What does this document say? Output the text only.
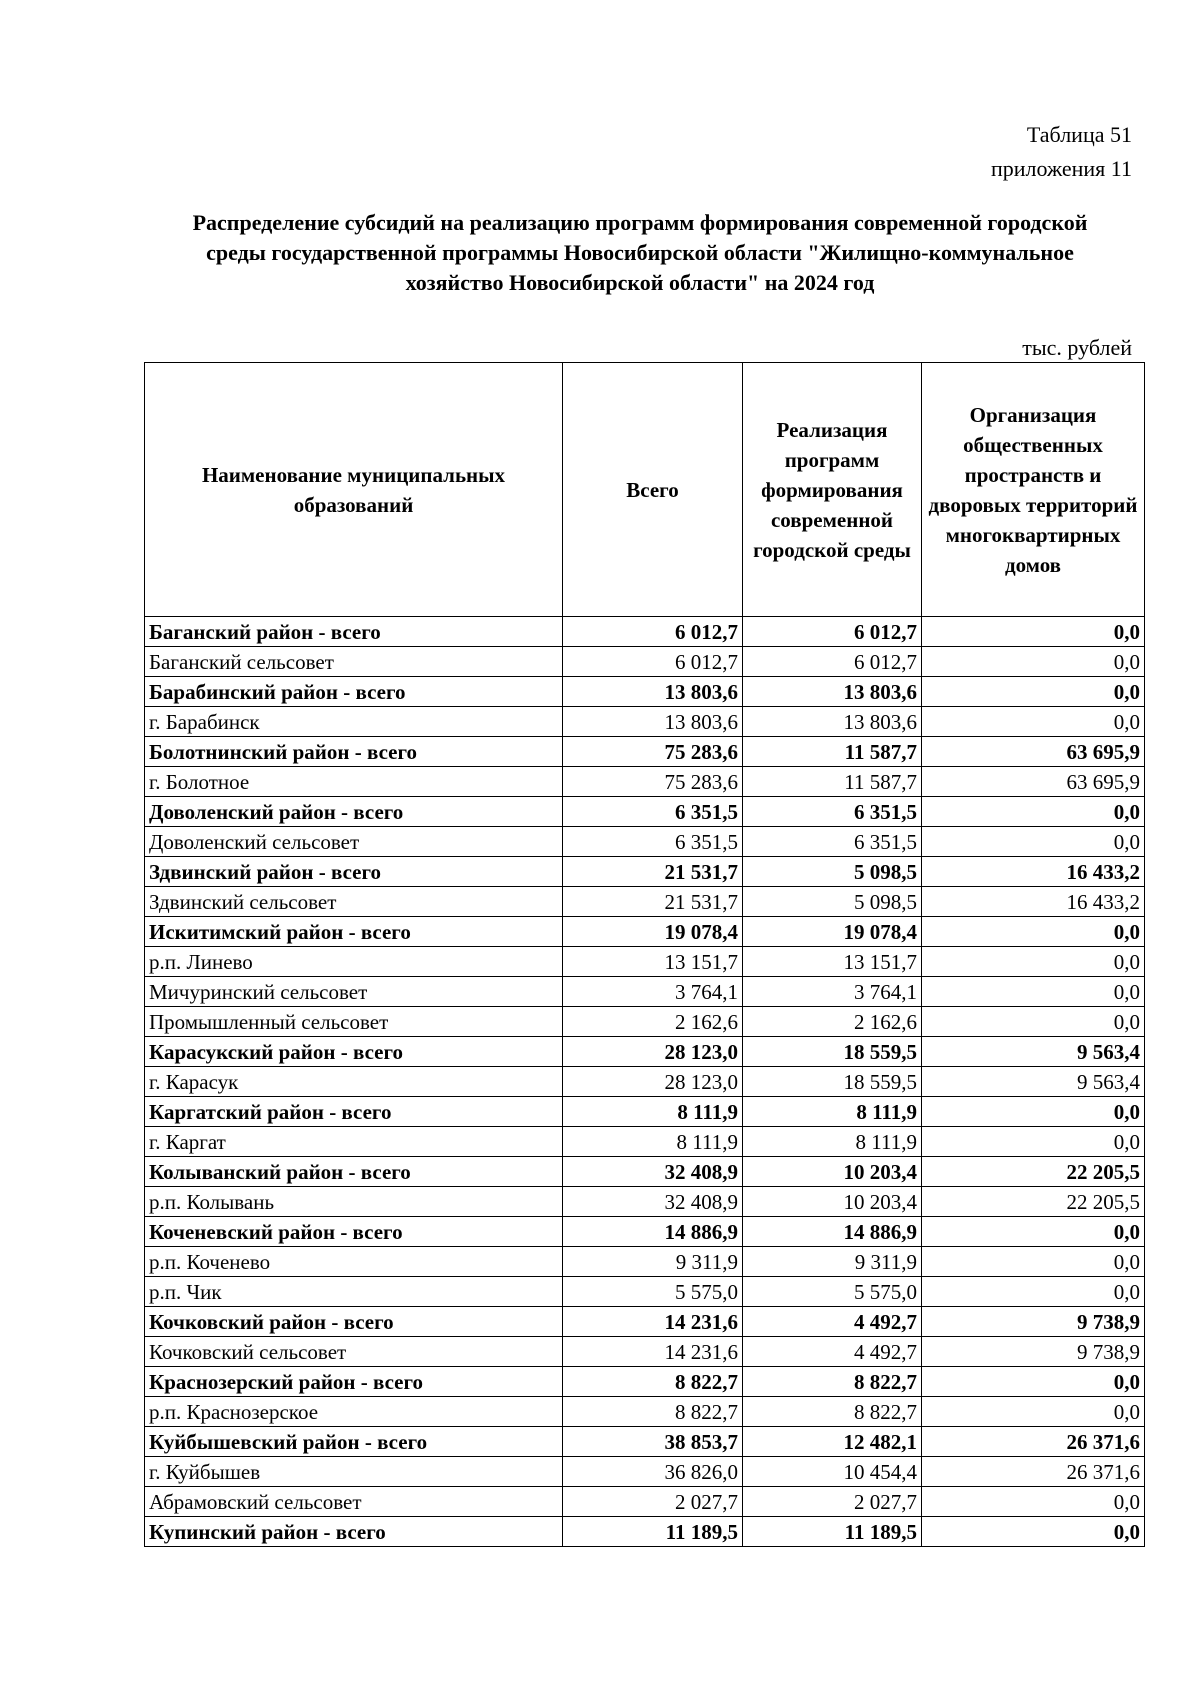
Таблица 51
приложения 11
Распределение субсидий на реализацию программ формирования современной городской
среды государственной программы Новосибирской области "Жилищно-коммунальное
хозяйство Новосибирской области" на 2024 год
тыс. рублей
Наименование муниципальных образований	Всего	Реализация программ формирования современной городской среды	Организация общественных пространств и дворовых территорий многоквартирных домов
Баганский район - всего	6 012,7	6 012,7	0,0
Баганский сельсовет	6 012,7	6 012,7	0,0
Барабинский район - всего	13 803,6	13 803,6	0,0
г. Барабинск	13 803,6	13 803,6	0,0
Болотнинский район - всего	75 283,6	11 587,7	63 695,9
г. Болотное	75 283,6	11 587,7	63 695,9
Доволенский район - всего	6 351,5	6 351,5	0,0
Доволенский сельсовет	6 351,5	6 351,5	0,0
Здвинский район - всего	21 531,7	5 098,5	16 433,2
Здвинский сельсовет	21 531,7	5 098,5	16 433,2
Искитимский район - всего	19 078,4	19 078,4	0,0
р.п. Линево	13 151,7	13 151,7	0,0
Мичуринский сельсовет	3 764,1	3 764,1	0,0
Промышленный сельсовет	2 162,6	2 162,6	0,0
Карасукский район - всего	28 123,0	18 559,5	9 563,4
г. Карасук	28 123,0	18 559,5	9 563,4
Каргатский район - всего	8 111,9	8 111,9	0,0
г. Каргат	8 111,9	8 111,9	0,0
Колыванский район - всего	32 408,9	10 203,4	22 205,5
р.п. Колывань	32 408,9	10 203,4	22 205,5
Коченевский район - всего	14 886,9	14 886,9	0,0
р.п. Коченево	9 311,9	9 311,9	0,0
р.п. Чик	5 575,0	5 575,0	0,0
Кочковский район - всего	14 231,6	4 492,7	9 738,9
Кочковский сельсовет	14 231,6	4 492,7	9 738,9
Краснозерский район - всего	8 822,7	8 822,7	0,0
р.п. Краснозерское	8 822,7	8 822,7	0,0
Куйбышевский район - всего	38 853,7	12 482,1	26 371,6
г. Куйбышев	36 826,0	10 454,4	26 371,6
Абрамовский сельсовет	2 027,7	2 027,7	0,0
Купинский район - всего	11 189,5	11 189,5	0,0
